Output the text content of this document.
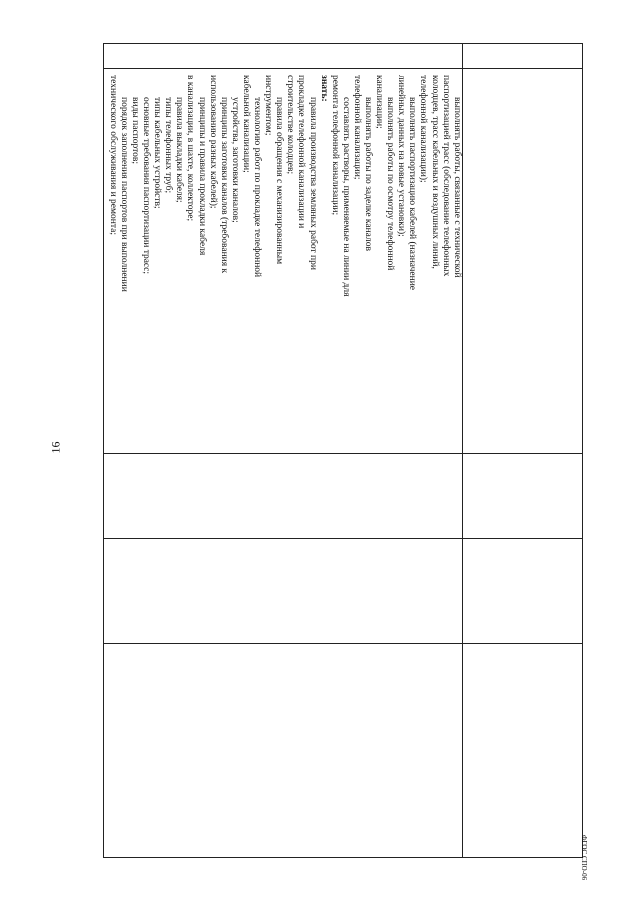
16
выполнять работы, связанные с технической
паспортизацией трасс (обследование телефонных
колодцев, трасс кабельных и воздушных линий,
телефонной канализации);
выполнять паспортизацию кабелей (назначение
линейных данных на новые установки);
выполнять работы по осмотру телефонной
канализации;
выполнять работы по заделке каналов
телефонной канализации;
составлять растворы, применяемые на линии для
ремонта телефонной канализации;
знать:
правила производства земляных работ при
прокладке телефонной канализации и
строительстве колодцев;
правила обращения с механизированным
инструментом;
технологию работ по прокладке телефонной
кабельной канализации;
устройства, заготовки каналов;
принципы заготовки каналов (требования к
использованию разных кабелей);
принципы и правила прокладки кабеля
в канализации, в шахте, коллекторе;
правила выкладки кабеля;
типы телефонных труб;
типы кабельных устройств;
основные требования паспортизации трасс;
виды паспортов;
порядок заполнения паспортов при выполнении
технического обслуживания и ремонта;
ФГОС СПО-06
